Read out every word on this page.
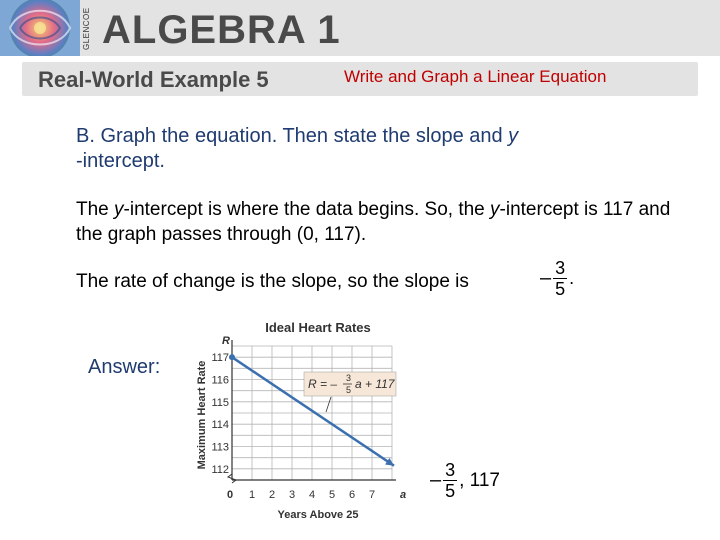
GLENCOE ALGEBRA 1
Real-World Example 5	Write and Graph a Linear Equation
B. Graph the equation. Then state the slope and y
-intercept.
The y-intercept is where the data begins. So, the y-intercept is 117 and the graph passes through (0, 117).
The rate of change is the slope, so the slope is	– $\frac{3}{5}$ .
Answer:
– $\frac{3}{5}$ , 117
Ideal Heart Rates
Maximum Heart Rate
Years Above 25
R
a
0 1 2 3 4 5 6 7
112
113
114
115
116
117
R = – 3
5 a + 117
